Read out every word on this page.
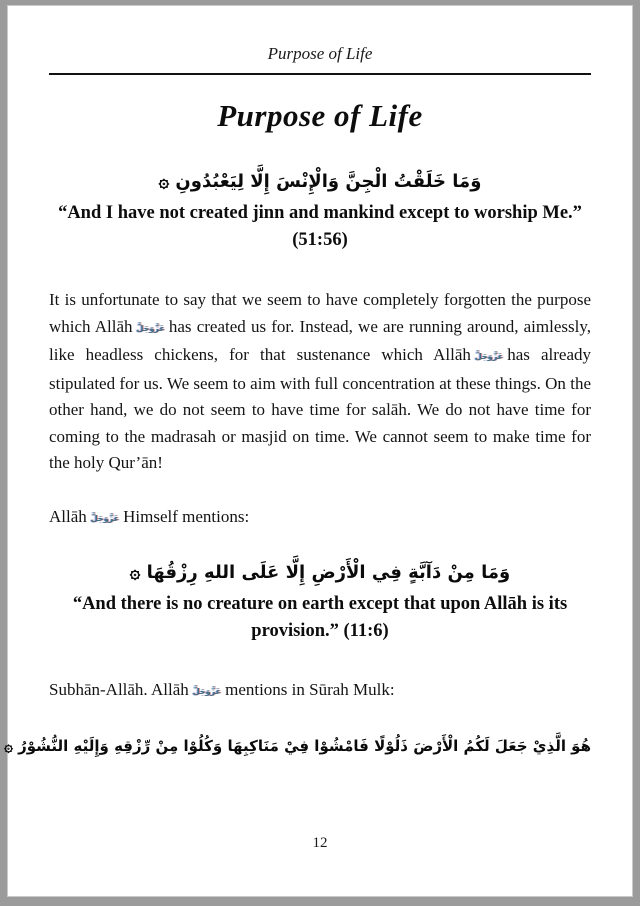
Purpose of Life
Purpose of Life
وَمَا خَلَقْتُ الْجِنَّ وَالْإِنْسَ إِلَّا لِيَعْبُدُونِ ۞
“And I have not created jinn and mankind except to worship Me.” (51:56)

It is unfortunate to say that we seem to have completely forgotten the purpose which Allāh عَزَّوَجَلَّ has created us for. Instead, we are running around, aimlessly, like headless chickens, for that sustenance which Allāh عَزَّوَجَلَّ has already stipulated for us. We seem to aim with full concentration at these things. On the other hand, we do not seem to have time for salāh. We do not have time for coming to the madrasah or masjid on time. We cannot seem to make time for the holy Qur’ān!

Allāh عَزَّوَجَلَّ Himself mentions:

وَمَا مِنْ دَآبَّةٍ فِي الْأَرْضِ إِلَّا عَلَى اللهِ رِزْقُهَا ۞
“And there is no creature on earth except that upon Allāh is its provision.” (11:6)

Subhān-Allāh. Allāh عَزَّوَجَلَّ mentions in Sūrah Mulk:

هُوَ الَّذِيْ جَعَلَ لَكُمُ الْأَرْضَ ذَلُوْلًا فَامْشُوْا فِيْ مَنَاكِبِهَا وَكُلُوْا مِنْ رِّزْقِهِ وَإِلَيْهِ النُّشُوْرُ ۞
12
